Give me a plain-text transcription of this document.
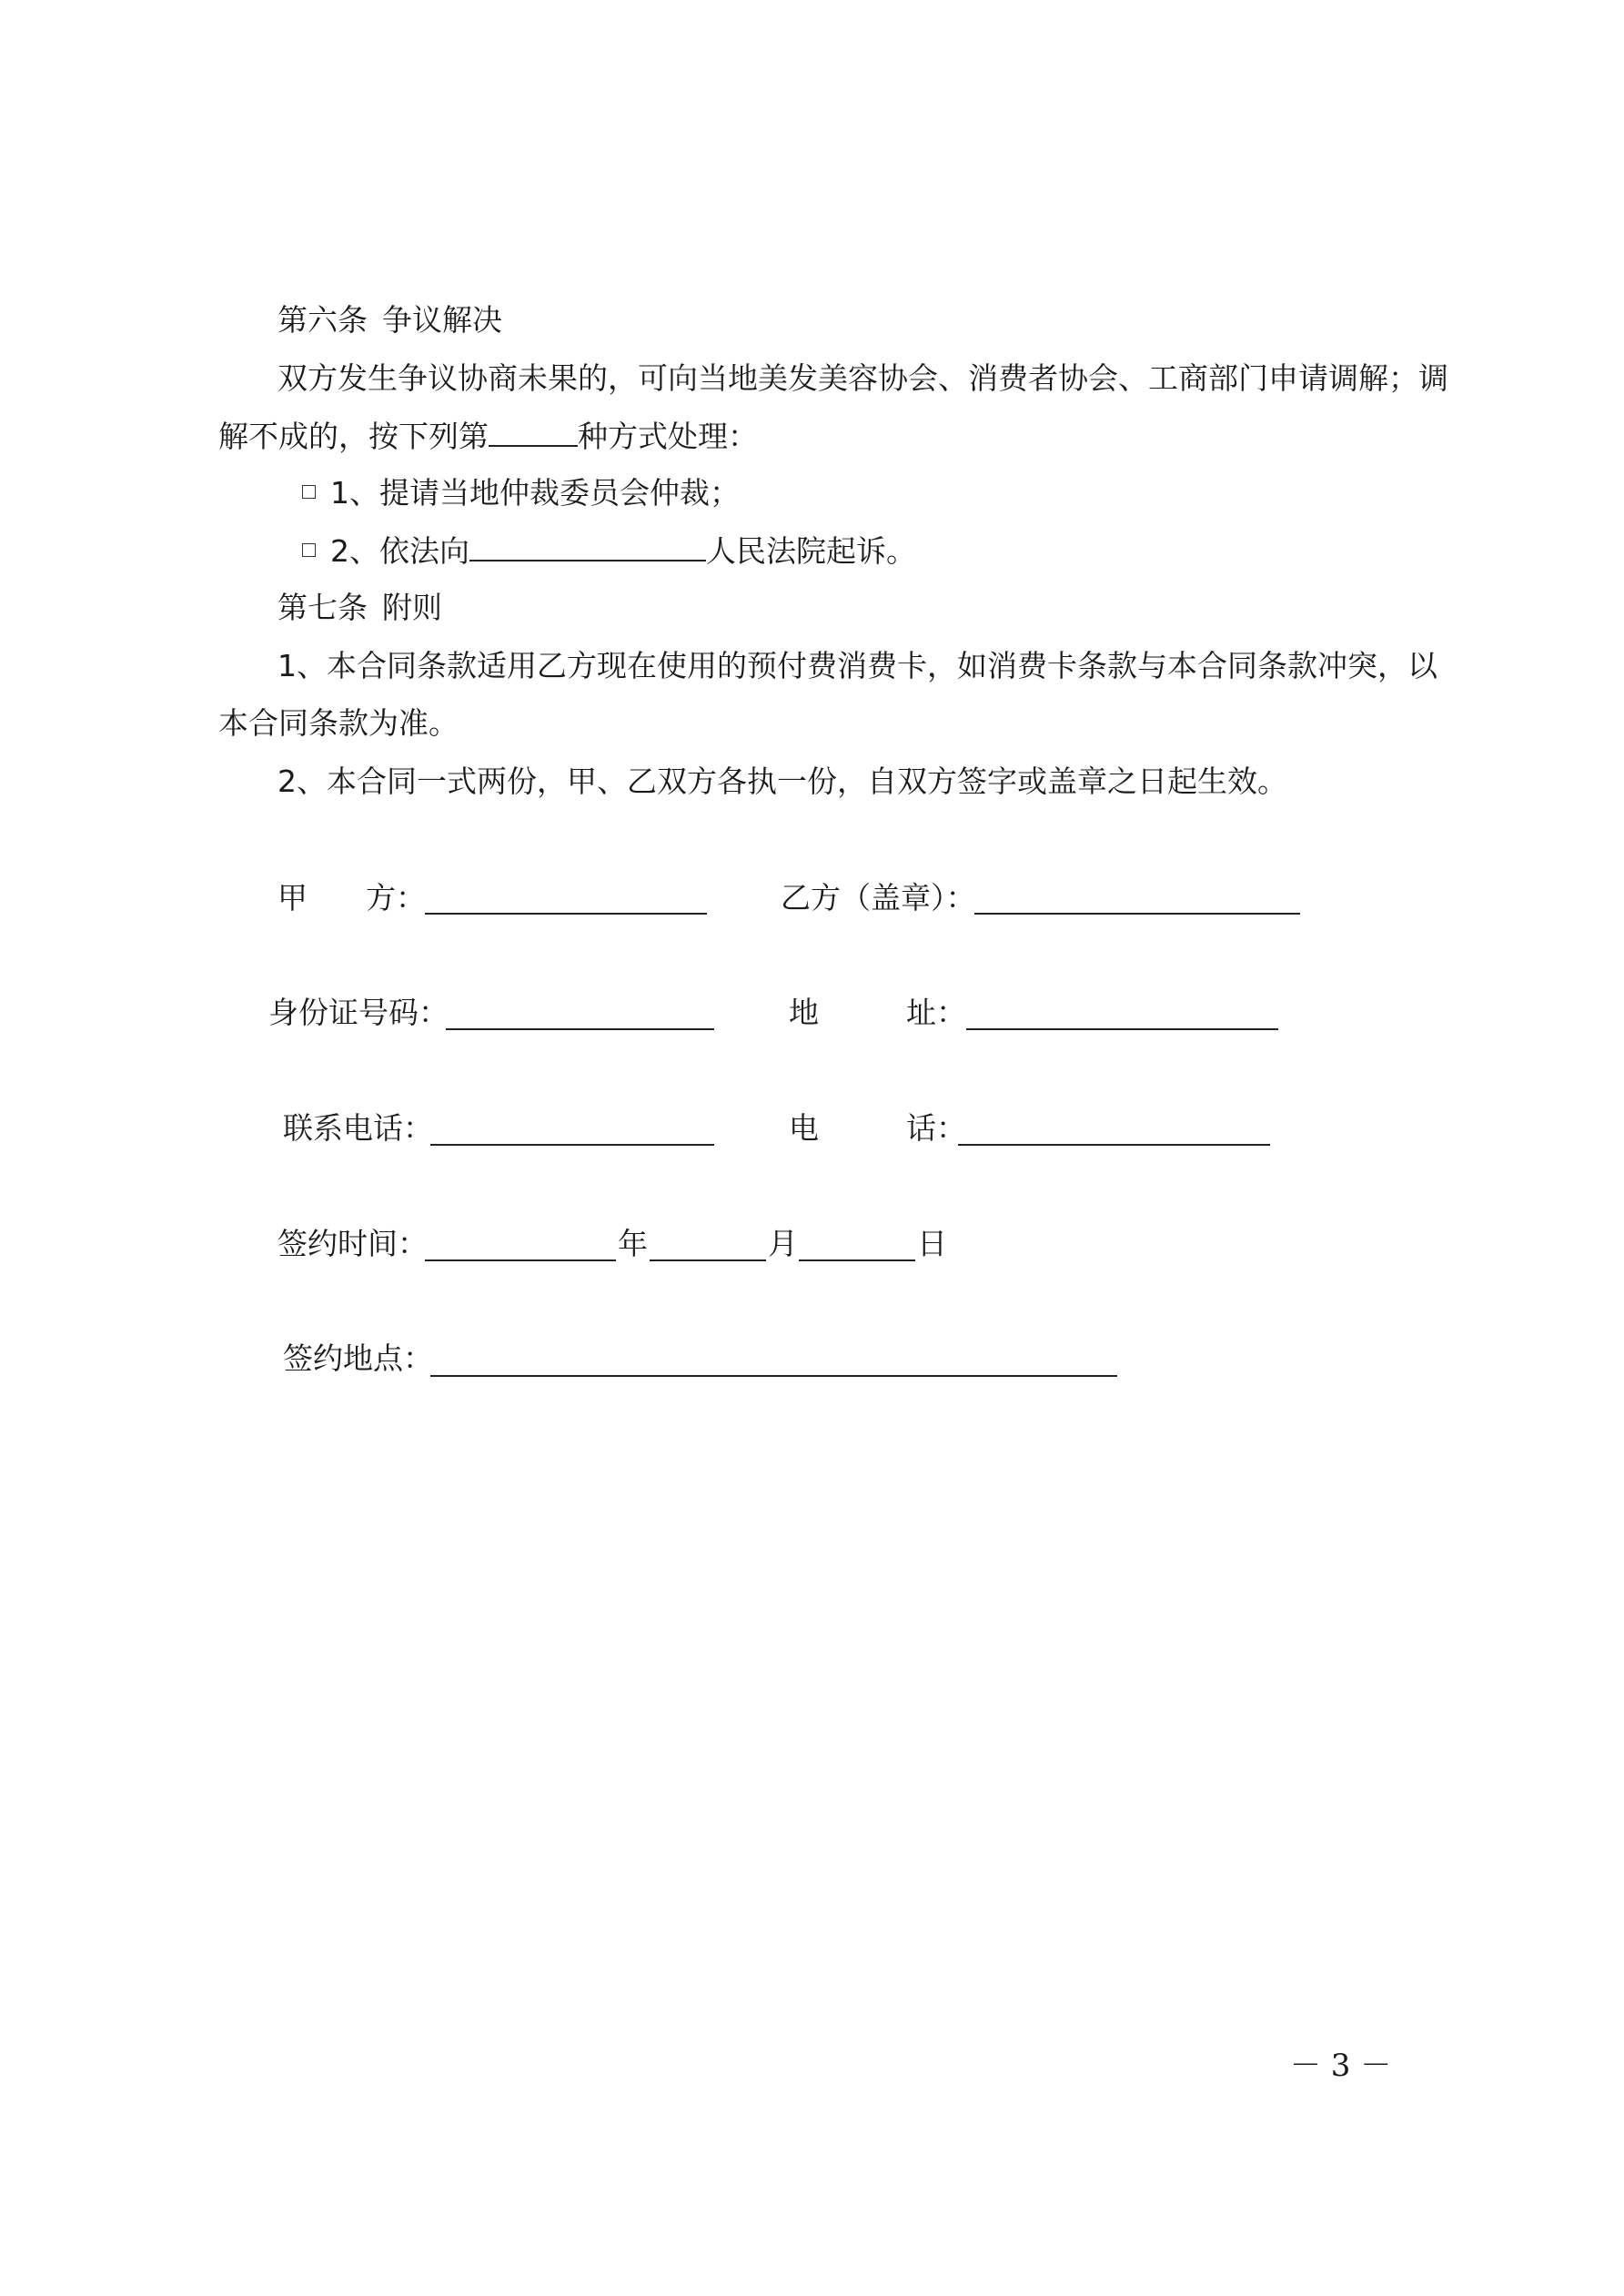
第六条 争议解决
双方发生争议协商未果的，可向当地美发美容协会、消费者协会、工商部门申请调解；调
解不成的，按下列第	种方式处理：
1、提请当地仲裁委员会仲裁；
2、依法向	人民法院起诉。
第七条 附则
1、本合同条款适用乙方现在使用的预付费消费卡，如消费卡条款与本合同条款冲突，以
本合同条款为准。
2、本合同一式两份，甲、乙双方各执一份，自双方签字或盖章之日起生效。
甲 方：	乙方（盖章）：
身份证号码：	地	址：
联系电话：	电	话：
签约时间：	年	月	日
签约地点：
－ 3 －
